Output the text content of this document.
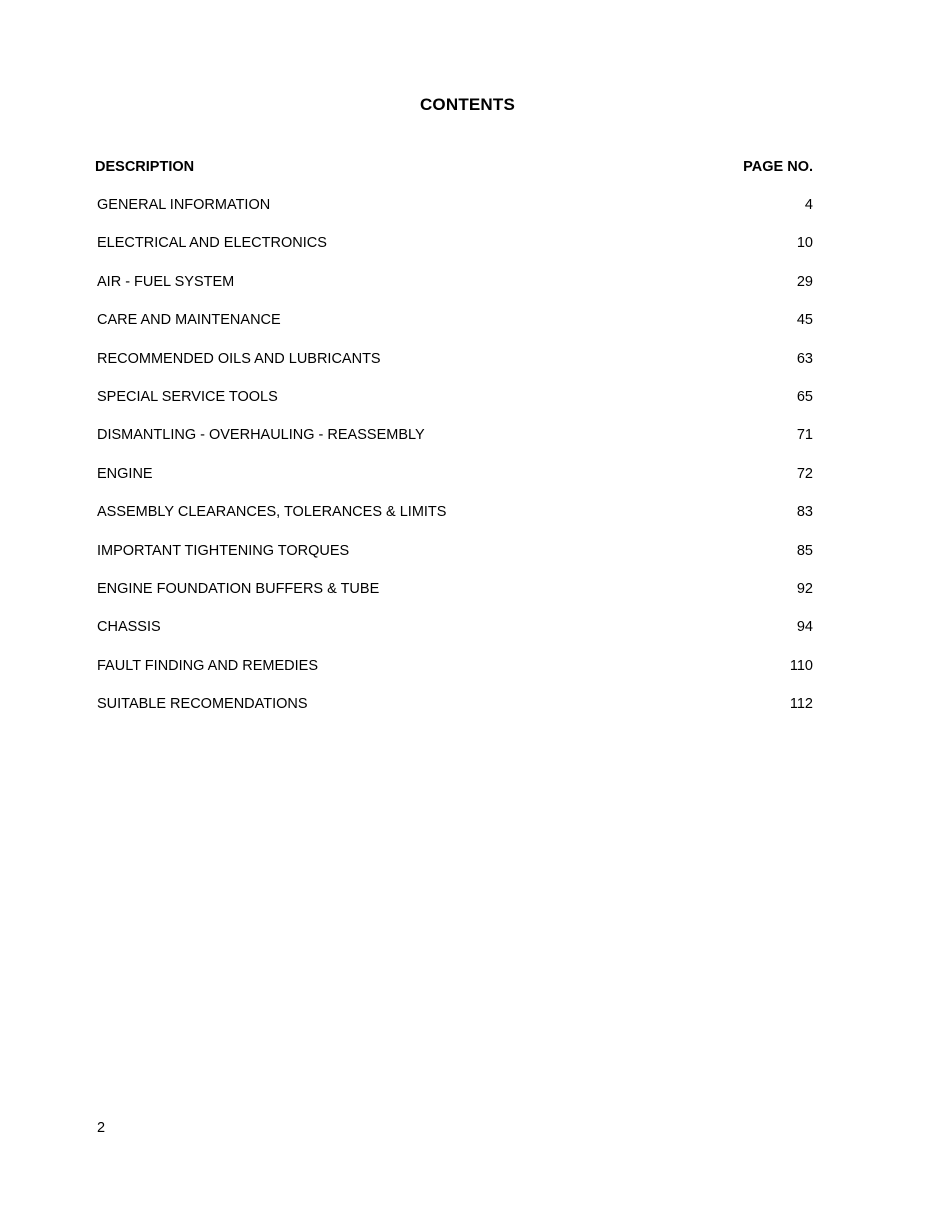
CONTENTS
DESCRIPTION	PAGE NO.
GENERAL INFORMATION	4
ELECTRICAL AND ELECTRONICS	10
AIR - FUEL SYSTEM	29
CARE AND MAINTENANCE	45
RECOMMENDED OILS AND LUBRICANTS	63
SPECIAL SERVICE TOOLS	65
DISMANTLING - OVERHAULING - REASSEMBLY	71
ENGINE	72
ASSEMBLY CLEARANCES, TOLERANCES & LIMITS	83
IMPORTANT TIGHTENING TORQUES	85
ENGINE FOUNDATION BUFFERS & TUBE	92
CHASSIS	94
FAULT FINDING AND REMEDIES	110
SUITABLE RECOMENDATIONS	112
2
